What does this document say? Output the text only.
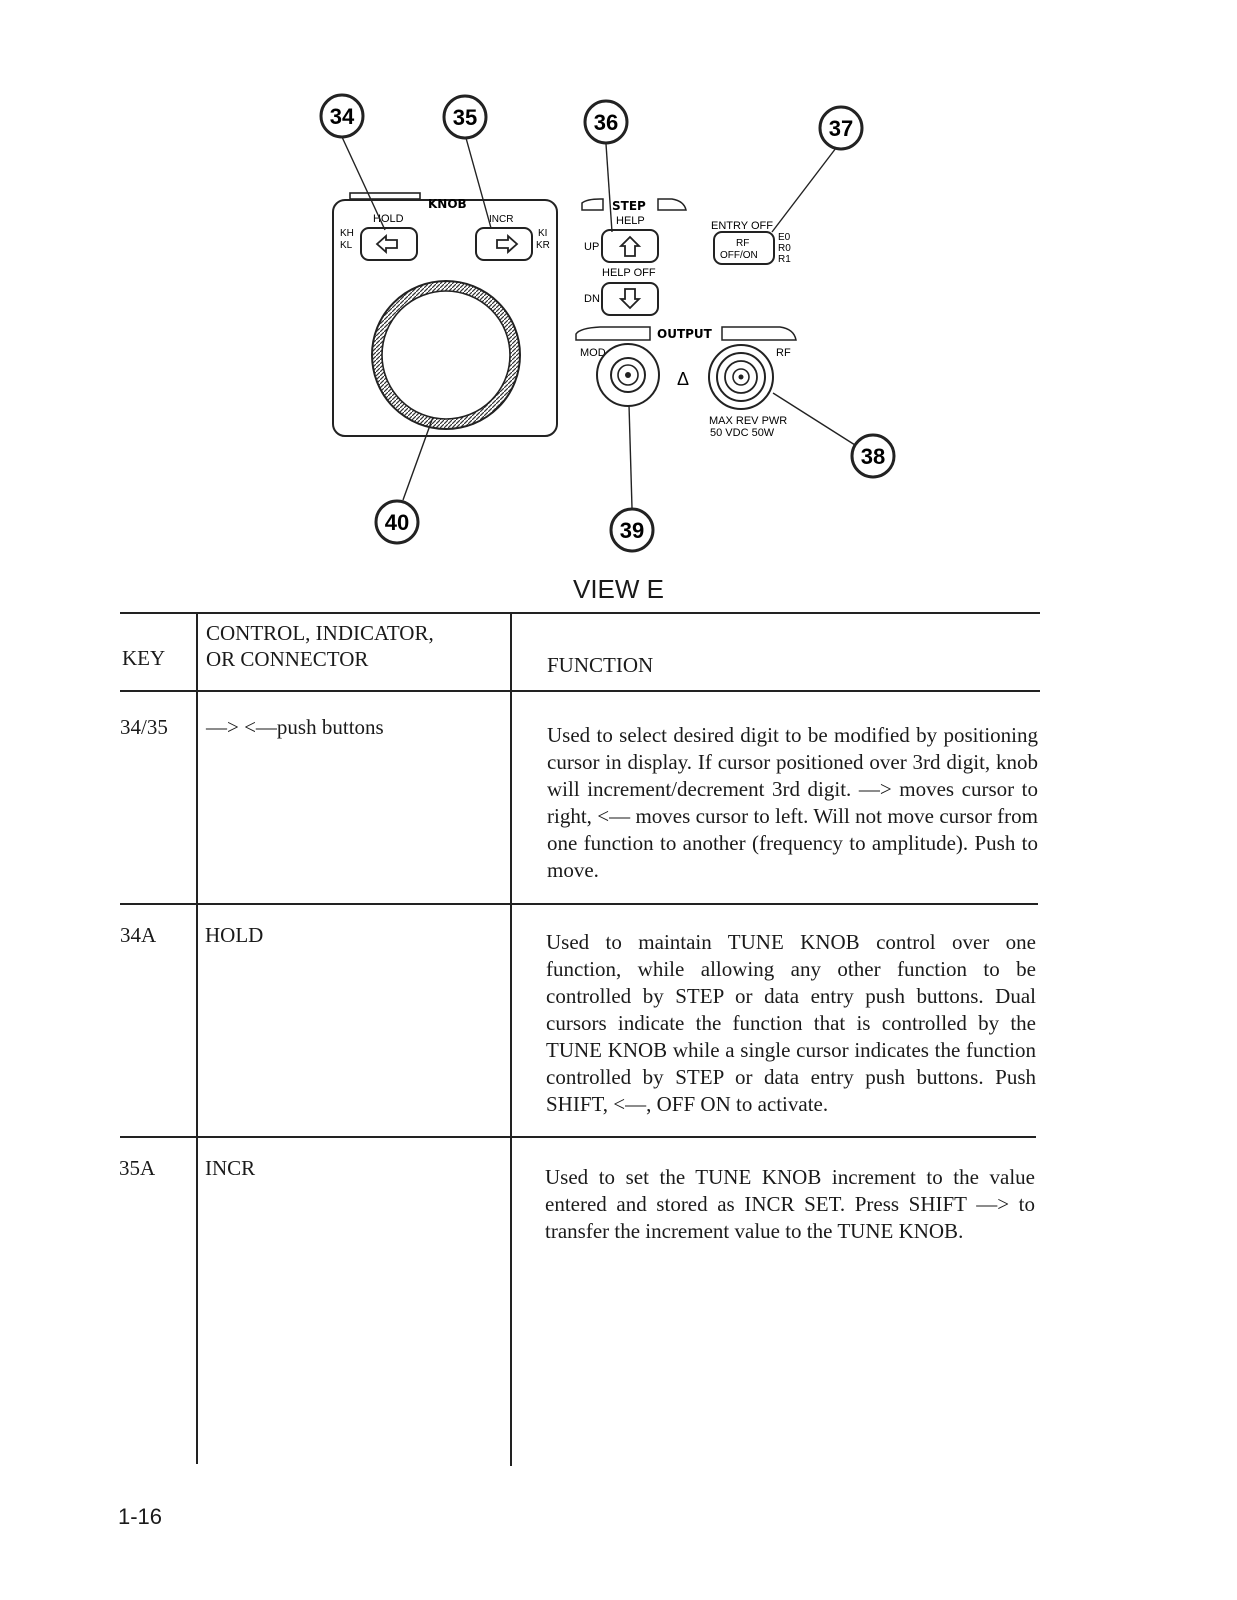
KNOB
HOLD
KH
KL
INCR
KI
KR
STEP
HELP
UP
HELP OFF
DN
ENTRY OFF
RF
OFF/ON
E0
R0
R1
OUTPUT
MOD	RF
Δ
MAX REV PWR
50 VDC 50W
34	35	36	37
38
39
40
VIEW E
KEY
CONTROL, INDICATOR,
OR CONNECTOR	FUNCTION
34/35 —> <—push buttons	Used to select desired digit to be modified by positioning cursor in display. If cursor positioned over 3rd digit, knob will increment/decrement 3rd digit. —> moves cursor to right, <— moves cursor to left. Will not move cursor from one function to another (frequency to amplitude). Push to move.
34A HOLD	Used to maintain TUNE KNOB control over one function, while allowing any other function to be controlled by STEP or data entry push buttons. Dual cursors indicate the function that is controlled by the TUNE KNOB while a single cursor indicates the function controlled by STEP or data entry push buttons. Push SHIFT, <—, OFF ON to activate.
35A INCR	Used to set the TUNE KNOB increment to the value entered and stored as INCR SET. Press SHIFT —> to transfer the increment value to the TUNE KNOB.
1-16
